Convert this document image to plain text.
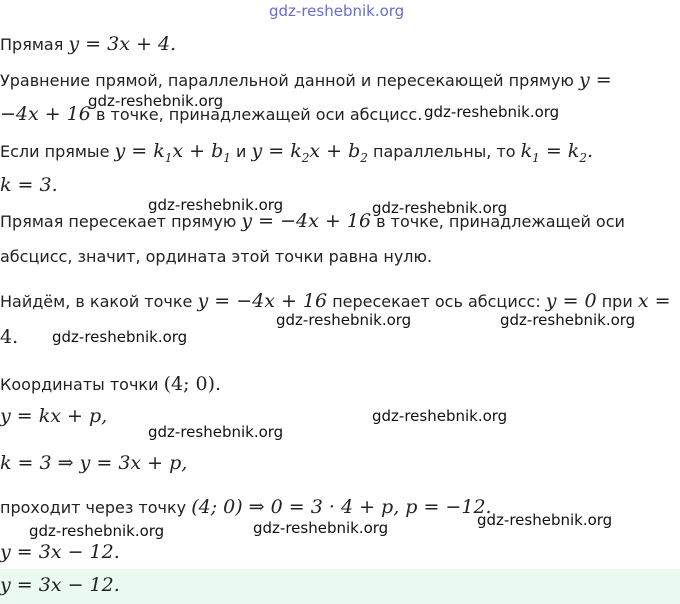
gdz-reshebnik.org
Прямая y = 3x + 4.
Уравнение прямой, параллельной данной и пересекающей прямую y =
−4x + 16 в точке, принадлежащей оси абсцисс.
Если прямые $y = k_1x + b_1$ и $y = k_2x + b_2$ параллельны, то $k_1 = k_2$.
k = 3.
Прямая пересекает прямую y = −4x + 16 в точке, принадлежащей оси
абсцисс, значит, ордината этой точки равна нулю.
Найдём, в какой точке y = −4x + 16 пересекает ось абсцисс: y = 0 при x =
4.
Координаты точки (4; 0).
y = kx + p,
k = 3 ⇒ y = 3x + p,
проходит через точку (4; 0) ⇒ 0 = 3 · 4 + p, p = −12.
y = 3x − 12.
y = 3x − 12.
gdz-reshebnik.org
gdz-reshebnik.org
gdz-reshebnik.org	gdz-reshebnik.org
gdz-reshebnik.org	gdz-reshebnik.org
gdz-reshebnik.org
gdz-reshebnik.org
gdz-reshebnik.org
gdz-reshebnik.org
gdz-reshebnik.org	gdz-reshebnik.org
